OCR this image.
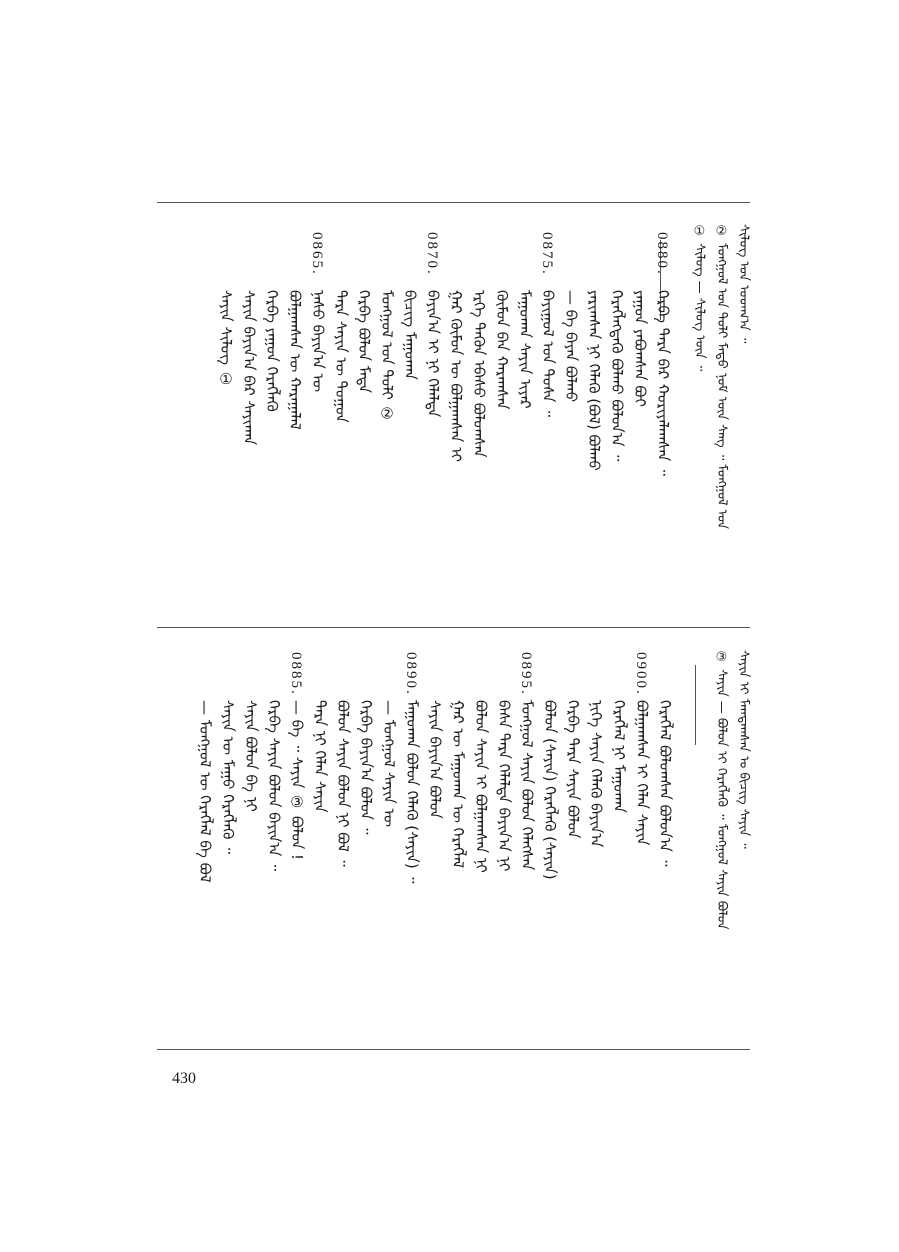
ᠰᠢᠯᠦᠭ ᠤᠨ ᠤᠳᠬ᠎ᠠ ᠃
② ᠮᠣᠩᠭᠣᠯ ᠤᠨ ᠲᠣᠯᠢ ᠮᠡᠲᠦ ᠨᠣᠮ ᠦᠨ ᠰᠠᠩ ᠃ ᠮᠣᠩᠭᠣᠯ ᠤᠨ
① ᠰᠢᠯᠦᠭ — ᠰᠢᠯᠦᠭ ᠦᠨ ᠃
0880.
ᠬᠡᠷᠪᠡ ᠲᠡᠷᠡ ᠪᠡᠷ ᠬᠤᠷᠢᠶᠠᠯᠠᠭᠰᠠᠨ ᠃
ᠶᠠᠭᠤᠨ ᠶᠠᠪᠤᠭᠰᠠᠨ ᠪᠤᠶ
ᠬᠡᠷᠡᠭᠯᠡᠭᠳᠡᠬᠦ ᠪᠣᠯᠬᠤ ᠪᠣᠯᠤᠨ᠎ᠠ ᠃
ᠶᠠᠷᠢᠭᠰᠠᠨ ᠨᠢ ᠬᠡᠯᠡᠬᠦ (ᠪᠣᠯ) ᠪᠣᠯᠬᠤ
— ᠪᠠ ᠪᠠᠶᠠᠨ ᠪᠣᠯᠬᠤ
0875.
ᠪᠠᠶᠢᠭᠤᠯ ᠤᠨ ᠲᠤᠰᠠ ᠃
ᠮᠠᠭᠤᠬᠠᠨ ᠰᠠᠶᠢᠨ ᠢᠶᠡᠷ
ᠬᠦᠮᠦᠨ ᠪᠡᠨ ᠬᠠᠷᠠᠭᠰᠠᠨ
ᠡᠷᠬᠡ ᠲᠡᠭᠦᠨ ᠡᠪᠡᠰᠦ ᠪᠣᠯᠤᠭᠰᠠᠨ
ᠭᠠᠷ ᠬᠦᠮᠦᠨ ᠦ ᠪᠣᠯᠭᠠᠭᠰᠠᠨ ᠢ
0870.
ᠪᠠᠶᠢᠨ᠎ᠠ ᠢ ᠨᠢ ᠬᠡᠯᠡᠯᠲᠡ
ᠪᠢᠴᠢᠭ᠌ ᠮᠠᠭᠤᠬᠠᠨ
ᠮᠣᠩᠭᠣᠯ ᠤᠨ ᠲᠣᠯᠢ ②
ᠬᠡᠷᠪᠡ ᠪᠣᠯᠤᠨ ᠮᠠᠳᠠ
ᠲᠡᠷᠡ ᠰᠠᠶᠢᠨ ᠦ ᠲᠣᠭᠣᠨ
0865.
ᠨᠠᠰᠤ ᠪᠠᠶᠢᠨ᠎ᠠ ᠦ
ᠪᠣᠯᠭᠠᠭᠰᠠᠨ ᠦ ᠬᠠᠷᠠᠭᠠᠯᠠᠯ
ᠬᠡᠷᠪᠡ ᠶᠠᠭᠤᠨ ᠬᠡᠷᠡᠭᠯᠡᠬᠦ
ᠰᠠᠶᠢᠨ ᠪᠠᠶᠢᠨ᠎ᠠ ᠪᠠᠷ ᠰᠠᠶᠢᠬᠠᠨ
ᠰᠠᠶᠢᠨ ᠰᠢᠯᠦᠭ ①
ᠰᠠᠶᠢᠨ ᠢ ᠮᠠᠭᠳᠠᠭᠰᠠᠨ ᠤ ᠪᠢᠴᠢᠭ᠌ ᠰᠠᠶᠢᠨ ᠃
③ ᠰᠠᠶᠢᠨ — ᠪᠣᠯᠤᠨ ᠢ ᠬᠡᠷᠡᠭᠯᠡᠬᠦ ᠃ ᠮᠣᠩᠭᠣᠯ ᠰᠠᠶᠢᠨ ᠪᠣᠯᠤᠨ
ᠬᠡᠷᠡᠭᠯᠡᠯ ᠪᠣᠯᠤᠭᠰᠠᠨ ᠪᠣᠯᠤᠨ᠎ᠠ ᠃
0900.
ᠪᠣᠯᠭᠠᠭᠰᠠᠨ ᠢ ᠬᠡᠯᠡᠨ ᠰᠠᠶᠢᠨ
ᠬᠡᠷᠡᠭᠯᠡᠯ ᠨᠢ ᠮᠠᠭᠤᠬᠠᠨ
ᠨᠢᠭᠡ ᠰᠠᠶᠢᠨ ᠬᠡᠯᠡᠬᠦ ᠪᠠᠶᠢᠨ᠎ᠠ
ᠬᠡᠷᠪᠡ ᠲᠡᠷᠡ ᠰᠠᠶᠢᠨ ᠪᠣᠯᠤᠨ
ᠪᠣᠯᠤᠨ (ᠰᠠᠶᠢᠨ) ᠬᠡᠷᠡᠭᠯᠡᠬᠦ (ᠰᠠᠶᠢᠨ)
0895.
ᠮᠣᠩᠭᠣᠯ ᠰᠠᠶᠢᠨ ᠪᠣᠯᠤᠨ ᠬᠡᠯᠡᠭᠰᠡᠨ
ᠪᠠᠰᠠ ᠲᠡᠷᠡ ᠬᠡᠯᠡᠯᠲᠡ ᠪᠠᠶᠢᠨ᠎ᠠ ᠨᠢ
ᠪᠣᠯᠤᠨ ᠰᠠᠶᠢᠨ ᠢ ᠪᠣᠯᠭᠠᠭᠰᠠᠨ ᠨᠢ
ᠭᠠᠷ ᠦ ᠮᠠᠭᠤᠬᠠᠨ ᠦ ᠬᠡᠷᠡᠭᠯᠡᠯ
ᠰᠠᠶᠢᠨ ᠪᠠᠶᠢᠨ᠎ᠠ ᠪᠣᠯᠤᠨ
0890.
ᠮᠠᠭᠤᠬᠠᠨ ᠪᠣᠯᠤᠨ ᠬᠡᠯᠡᠬᠦ (ᠰᠠᠶᠢᠨ) ᠃
— ᠮᠣᠩᠭᠣᠯ ᠰᠠᠶᠢᠨ ᠦ
ᠬᠡᠷᠪᠡ ᠪᠠᠶᠢᠨ᠎ᠠ ᠪᠣᠯᠤᠨ ᠃
ᠪᠣᠯᠤᠨ ᠰᠠᠶᠢᠨ ᠪᠣᠯᠤᠨ ᠨᠢ ᠪᠣᠯ ᠃
ᠲᠡᠷᠡ ᠨᠢ ᠬᠡᠯᠡᠨ ᠰᠠᠶᠢᠨ
0885.
— ᠪᠡ ᠃ ᠰᠠᠶᠢᠨ ③ ᠪᠣᠯᠤᠨ !
ᠬᠡᠷᠪᠡ ᠰᠠᠶᠢᠨ ᠪᠣᠯᠤᠨ ᠪᠠᠶᠢᠨ᠎ᠠ ᠃
ᠰᠠᠶᠢᠨ ᠪᠣᠯᠤᠨ ᠪᠠ ᠨᠢ
ᠰᠠᠶᠢᠨ ᠦ ᠮᠠᠭᠤ ᠬᠡᠷᠡᠭᠯᠡᠬᠦ ᠃
— ᠮᠣᠩᠭᠣᠯ ᠦ ᠬᠡᠷᠡᠭᠯᠡᠯ ᠪᠠ ᠪᠣᠯ
430
